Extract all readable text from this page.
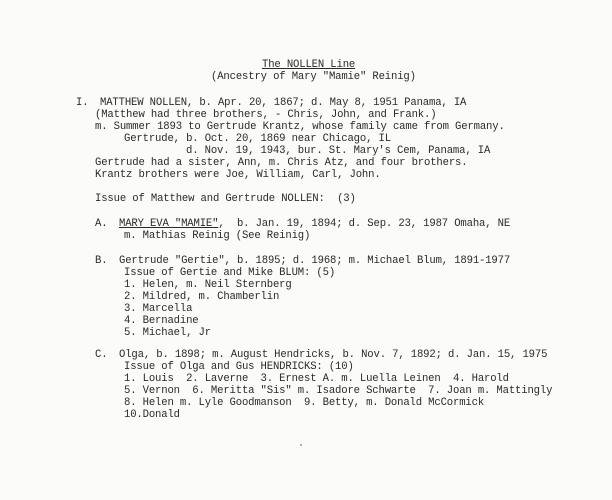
The NOLLEN Line
(Ancestry of Mary "Mamie" Reinig)
I. MATTHEW NOLLEN, b. Apr. 20, 1867; d. May 8, 1951 Panama, IA
(Matthew had three brothers, - Chris, John, and Frank.)
m. Summer 1893 to Gertrude Krantz, whose family came from Germany.
Gertrude, b. Oct. 20, 1869 near Chicago, IL
d. Nov. 19, 1943, bur. St. Mary's Cem, Panama, IA
Gertrude had a sister, Ann, m. Chris Atz, and four brothers.
Krantz brothers were Joe, William, Carl, John.
Issue of Matthew and Gertrude NOLLEN:  (3)
A. MARY EVA "MAMIE",  b. Jan. 19, 1894; d. Sep. 23, 1987 Omaha, NE
m. Mathias Reinig (See Reinig)
B. Gertrude "Gertie", b. 1895; d. 1968; m. Michael Blum, 1891-1977
Issue of Gertie and Mike BLUM: (5)
1. Helen, m. Neil Sternberg
2. Mildred, m. Chamberlin
3. Marcella
4. Bernadine
5. Michael, Jr
C. Olga, b. 1898; m. August Hendricks, b. Nov. 7, 1892; d. Jan. 15, 1975
Issue of Olga and Gus HENDRICKS: (10)
1. Louis  2. Laverne  3. Ernest A. m. Luella Leinen  4. Harold
5. Vernon  6. Meritta "Sis" m. Isadore Schwarte  7. Joan m. Mattingly
8. Helen m. Lyle Goodmanson  9. Betty, m. Donald McCormick
10.Donald
